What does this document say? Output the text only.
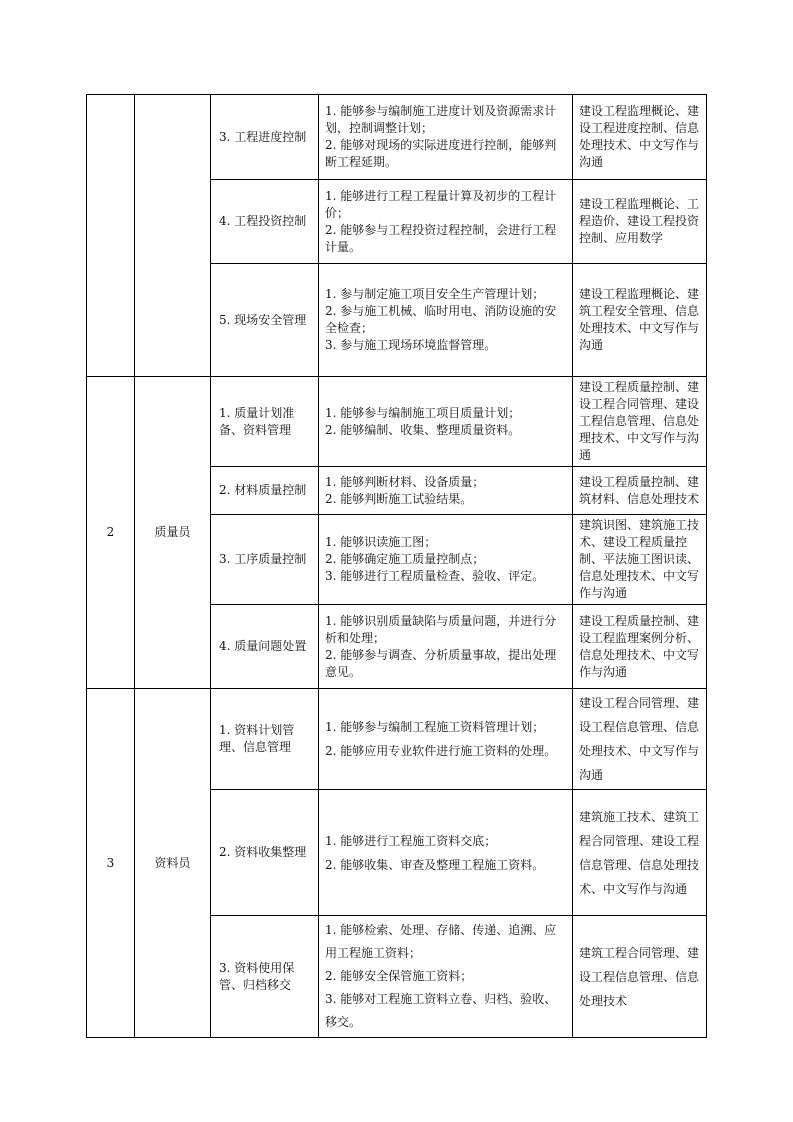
		3. 工程进度控制	1. 能够参与编制施工进度计划及资源需求计划，控制调整计划；
2. 能够对现场的实际进度进行控制，能够判断工程延期。	建设工程监理概论、建设工程进度控制、信息处理技术、中文写作与沟通
		4. 工程投资控制	1. 能够进行工程工程量计算及初步的工程计价；
2. 能够参与工程投资过程控制，会进行工程计量。	建设工程监理概论、工程造价、建设工程投资控制、应用数学
		5. 现场安全管理	1. 参与制定施工项目安全生产管理计划；
2. 参与施工机械、临时用电、消防设施的安全检查；
3. 参与施工现场环境监督管理。	建设工程监理概论、建筑工程安全管理、信息处理技术、中文写作与沟通
2	质量员	1. 质量计划准备、资料管理	1. 能够参与编制施工项目质量计划；
2. 能够编制、收集、整理质量资料。	建设工程质量控制、建设工程合同管理、建设工程信息管理、信息处理技术、中文写作与沟通
		2. 材料质量控制	1. 能够判断材料、设备质量；
2. 能够判断施工试验结果。	建设工程质量控制、建筑材料、信息处理技术
		3. 工序质量控制	1. 能够识读施工图；
2. 能够确定施工质量控制点；
3. 能够进行工程质量检查、验收、评定。	建筑识图、建筑施工技术、建设工程质量控制、平法施工图识读、信息处理技术、中文写作与沟通
		4. 质量问题处置	1. 能够识别质量缺陷与质量问题，并进行分析和处理；
2. 能够参与调查、分析质量事故，提出处理意见。	建设工程质量控制、建设工程监理案例分析、信息处理技术、中文写作与沟通
3	资料员	1. 资料计划管理、信息管理	1. 能够参与编制工程施工资料管理计划；
2. 能够应用专业软件进行施工资料的处理。	建设工程合同管理、建设工程信息管理、信息处理技术、中文写作与沟通
		2. 资料收集整理	1. 能够进行工程施工资料交底；
2. 能够收集、审查及整理工程施工资料。	建筑施工技术、建筑工程合同管理、建设工程信息管理、信息处理技术、中文写作与沟通
		3. 资料使用保管、归档移交	1. 能够检索、处理、存储、传递、追溯、应用工程施工资料；
2. 能够安全保管施工资料；
3. 能够对工程施工资料立卷、归档、验收、移交。	建筑工程合同管理、建设工程信息管理、信息处理技术
